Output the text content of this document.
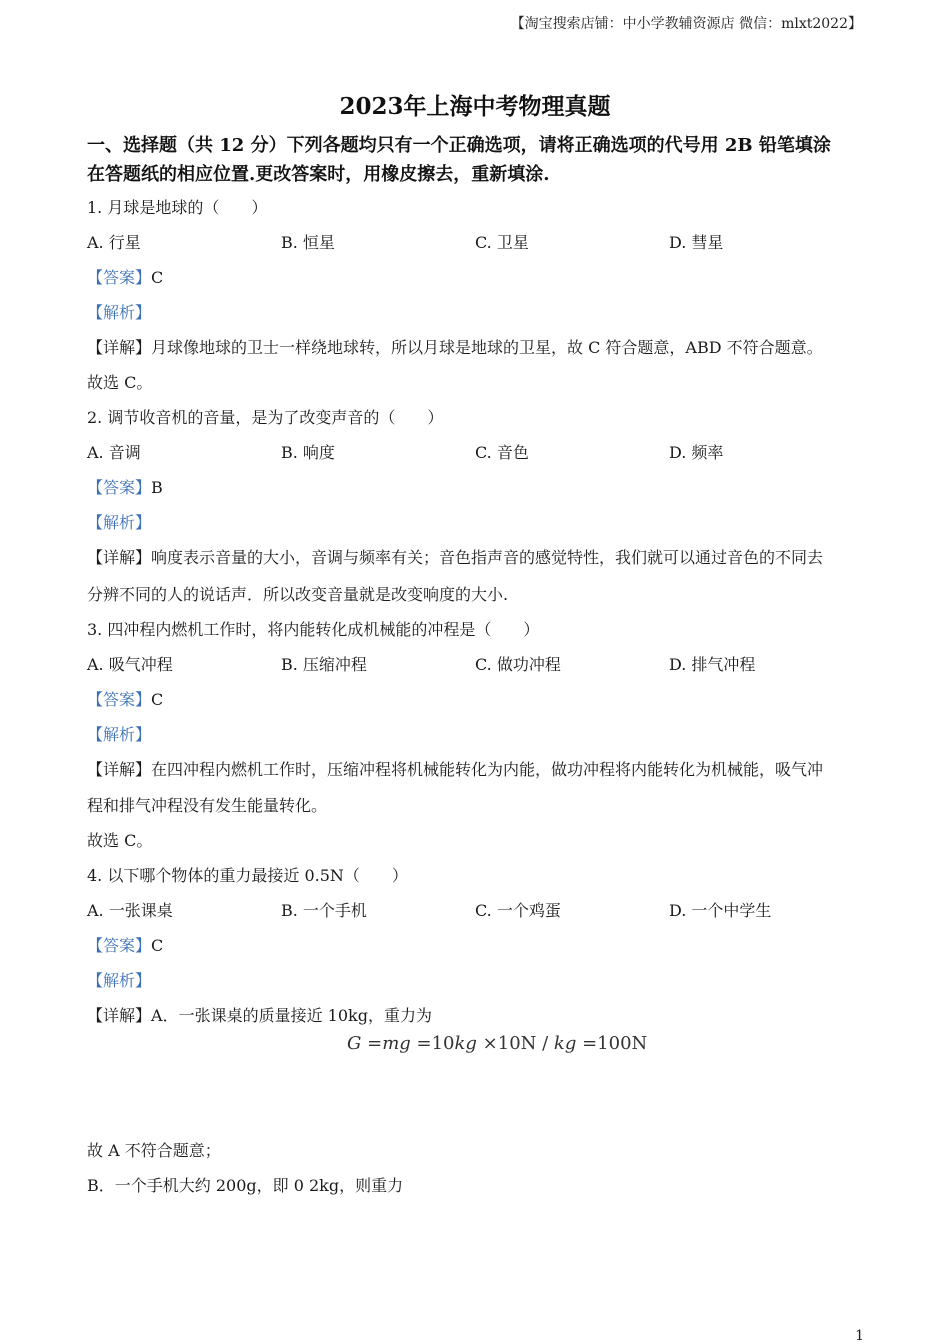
【淘宝搜索店铺：中小学教辅资源店 微信：mlxt2022】
2023年上海中考物理真题
一、选择题（共 12 分）下列各题均只有一个正确选项，请将正确选项的代号用 2B 铅笔填涂
在答题纸的相应位置.更改答案时，用橡皮擦去，重新填涂.
1. 月球是地球的（　　）
A. 行星	B. 恒星	C. 卫星	D. 彗星
【答案】C
【解析】
【详解】月球像地球的卫士一样绕地球转，所以月球是地球的卫星，故 C 符合题意，ABD 不符合题意。
故选 C。
2. 调节收音机的音量，是为了改变声音的（　　）
A. 音调	B. 响度	C. 音色	D. 频率
【答案】B
【解析】
【详解】响度表示音量的大小，音调与频率有关；音色指声音的感觉特性，我们就可以通过音色的不同去
分辨不同的人的说话声．所以改变音量就是改变响度的大小.
3. 四冲程内燃机工作时，将内能转化成机械能的冲程是（　　）
A. 吸气冲程	B. 压缩冲程	C. 做功冲程	D. 排气冲程
【答案】C
【解析】
【详解】在四冲程内燃机工作时，压缩冲程将机械能转化为内能，做功冲程将内能转化为机械能，吸气冲
程和排气冲程没有发生能量转化。
故选 C。
4. 以下哪个物体的重力最接近 0.5N（　　）
A. 一张课桌	B. 一个手机	C. 一个鸡蛋	D. 一个中学生
【答案】C
【解析】
【详解】A．一张课桌的质量接近 10kg，重力为
G =mg =10kg ×10N / kg =100N
故 A 不符合题意；
B．一个手机大约 200g，即 0 2kg，则重力
1
